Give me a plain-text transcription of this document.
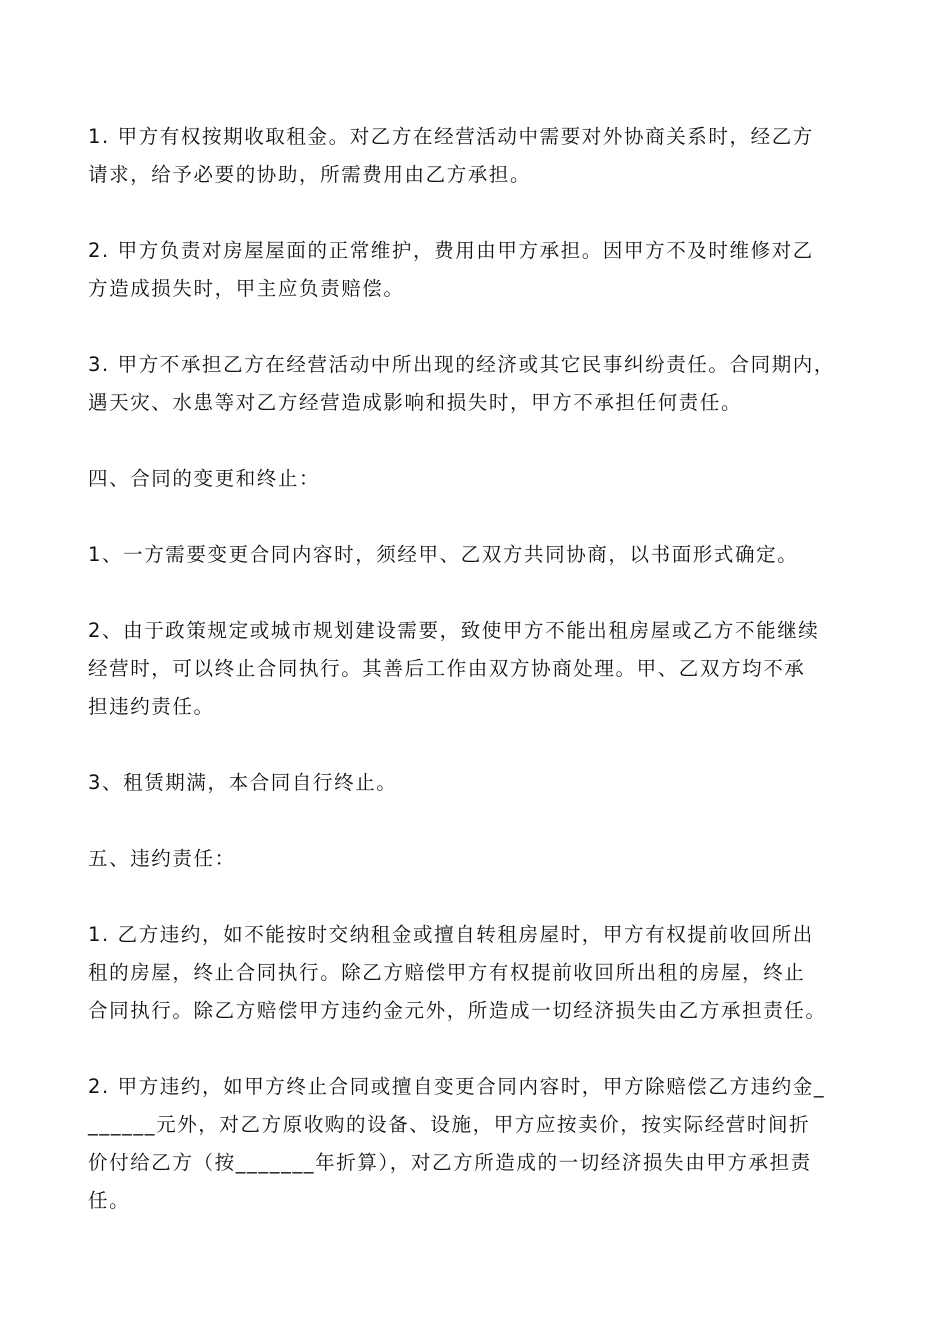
1. 甲方有权按期收取租金。对乙方在经营活动中需要对外协商关系时，经乙方
请求，给予必要的协助，所需费用由乙方承担。
2. 甲方负责对房屋屋面的正常维护，费用由甲方承担。因甲方不及时维修对乙
方造成损失时，甲主应负责赔偿。
3. 甲方不承担乙方在经营活动中所出现的经济或其它民事纠纷责任。合同期内，
遇天灾、水患等对乙方经营造成影响和损失时，甲方不承担任何责任。
四、合同的变更和终止：
1、一方需要变更合同内容时，须经甲、乙双方共同协商，以书面形式确定。
2、由于政策规定或城市规划建设需要，致使甲方不能出租房屋或乙方不能继续
经营时，可以终止合同执行。其善后工作由双方协商处理。甲、乙双方均不承
担违约责任。
3、租赁期满，本合同自行终止。
五、违约责任：
1. 乙方违约，如不能按时交纳租金或擅自转租房屋时，甲方有权提前收回所出
租的房屋，终止合同执行。除乙方赔偿甲方有权提前收回所出租的房屋，终止
合同执行。除乙方赔偿甲方违约金元外，所造成一切经济损失由乙方承担责任。
2. 甲方违约，如甲方终止合同或擅自变更合同内容时，甲方除赔偿乙方违约金_
______元外，对乙方原收购的设备、设施，甲方应按卖价，按实际经营时间折
价付给乙方（按_______年折算），对乙方所造成的一切经济损失由甲方承担责
任。
